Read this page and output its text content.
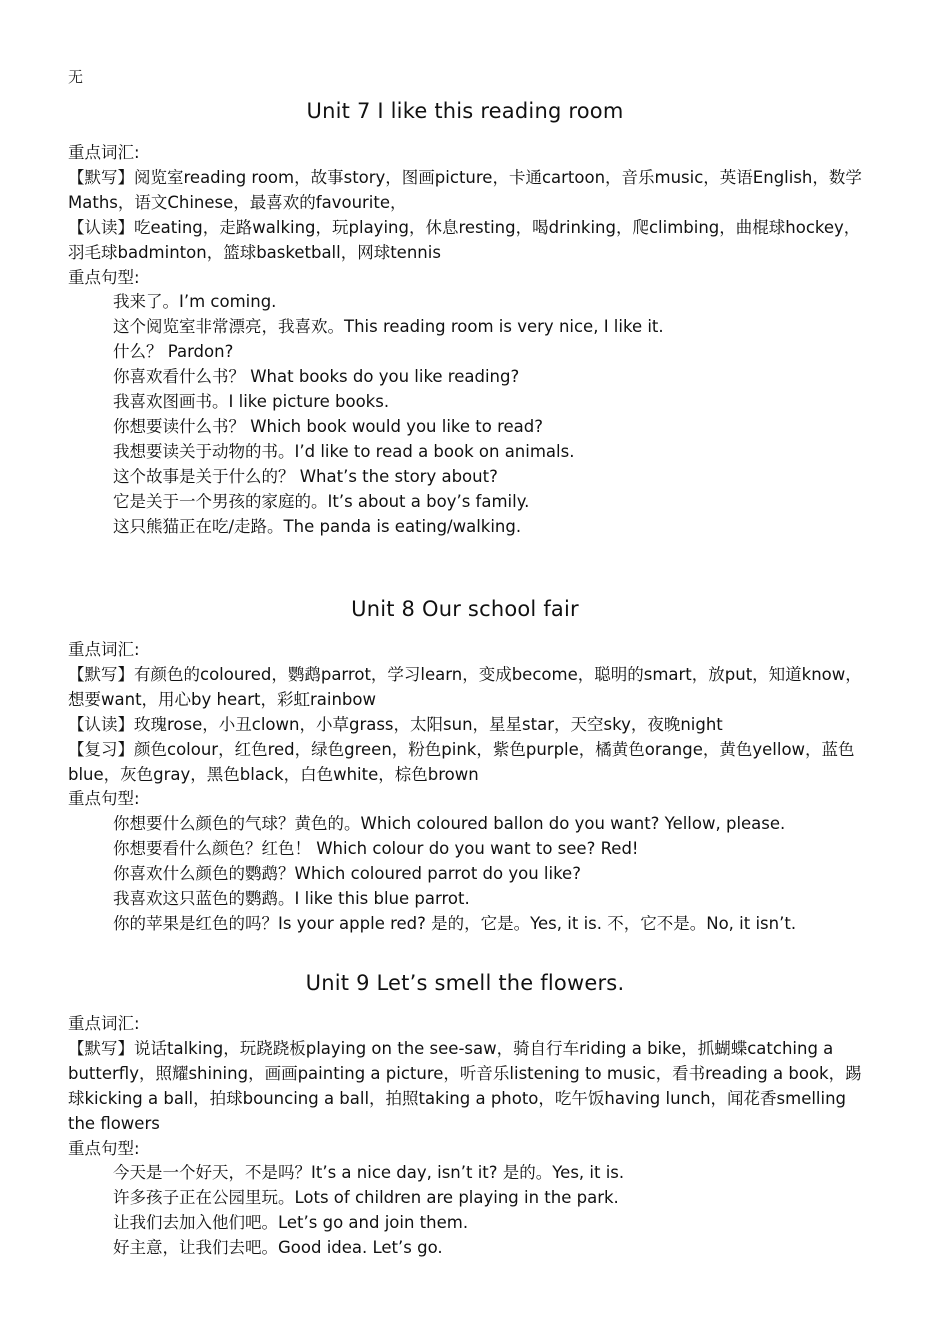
无
Unit 7 I like this reading room

重点词汇:

【默写】阅览室reading room，故事story，图画picture，卡通cartoon，音乐music，英语English，数学Maths，语文Chinese，最喜欢的favourite，

【认读】吃eating，走路walking，玩playing，休息resting，喝drinking，爬climbing，曲棍球hockey，羽毛球badminton，篮球basketball，网球tennis

重点句型:

我来了。I’m coming.

这个阅览室非常漂亮，我喜欢。This reading room is very nice, I like it.

什么？ Pardon?

你喜欢看什么书？ What books do you like reading?

我喜欢图画书。I like picture books.

你想要读什么书？ Which book would you like to read?

我想要读关于动物的书。I’d like to read a book on animals.

这个故事是关于什么的？ What’s the story about?

它是关于一个男孩的家庭的。It’s about a boy’s family.

这只熊猫正在吃/走路。The panda is eating/walking.

Unit 8 Our school fair

重点词汇:

【默写】有颜色的coloured，鹦鹉parrot，学习learn，变成become，聪明的smart，放put，知道know，想要want，用心by heart，彩虹rainbow

【认读】玫瑰rose，小丑clown，小草grass，太阳sun，星星star，天空sky，夜晚night

【复习】颜色colour，红色red，绿色green，粉色pink，紫色purple，橘黄色orange，黄色yellow，蓝色blue，灰色gray，黑色black，白色white，棕色brown

重点句型:

你想要什么颜色的气球？黄色的。Which coloured ballon do you want? Yellow, please.

你想要看什么颜色？红色！ Which colour do you want to see? Red!

你喜欢什么颜色的鹦鹉？Which coloured parrot do you like?

我喜欢这只蓝色的鹦鹉。I like this blue parrot.

你的苹果是红色的吗？Is your apple red? 是的，它是。Yes, it is. 不，它不是。No, it isn’t.

Unit 9 Let’s smell the flowers.

重点词汇:

【默写】说话talking，玩跷跷板playing on the see-saw，骑自行车riding a bike，抓蝴蝶catching a butterfly，照耀shining，画画painting a picture，听音乐listening to music，看书reading a book，踢球kicking a ball，拍球bouncing a ball，拍照taking a photo，吃午饭having lunch，闻花香smelling the flowers

重点句型:

今天是一个好天，不是吗？It’s a nice day, isn’t it? 是的。Yes, it is.

许多孩子正在公园里玩。Lots of children are playing in the park.

让我们去加入他们吧。Let’s go and join them.

好主意，让我们去吧。Good idea. Let’s go.
